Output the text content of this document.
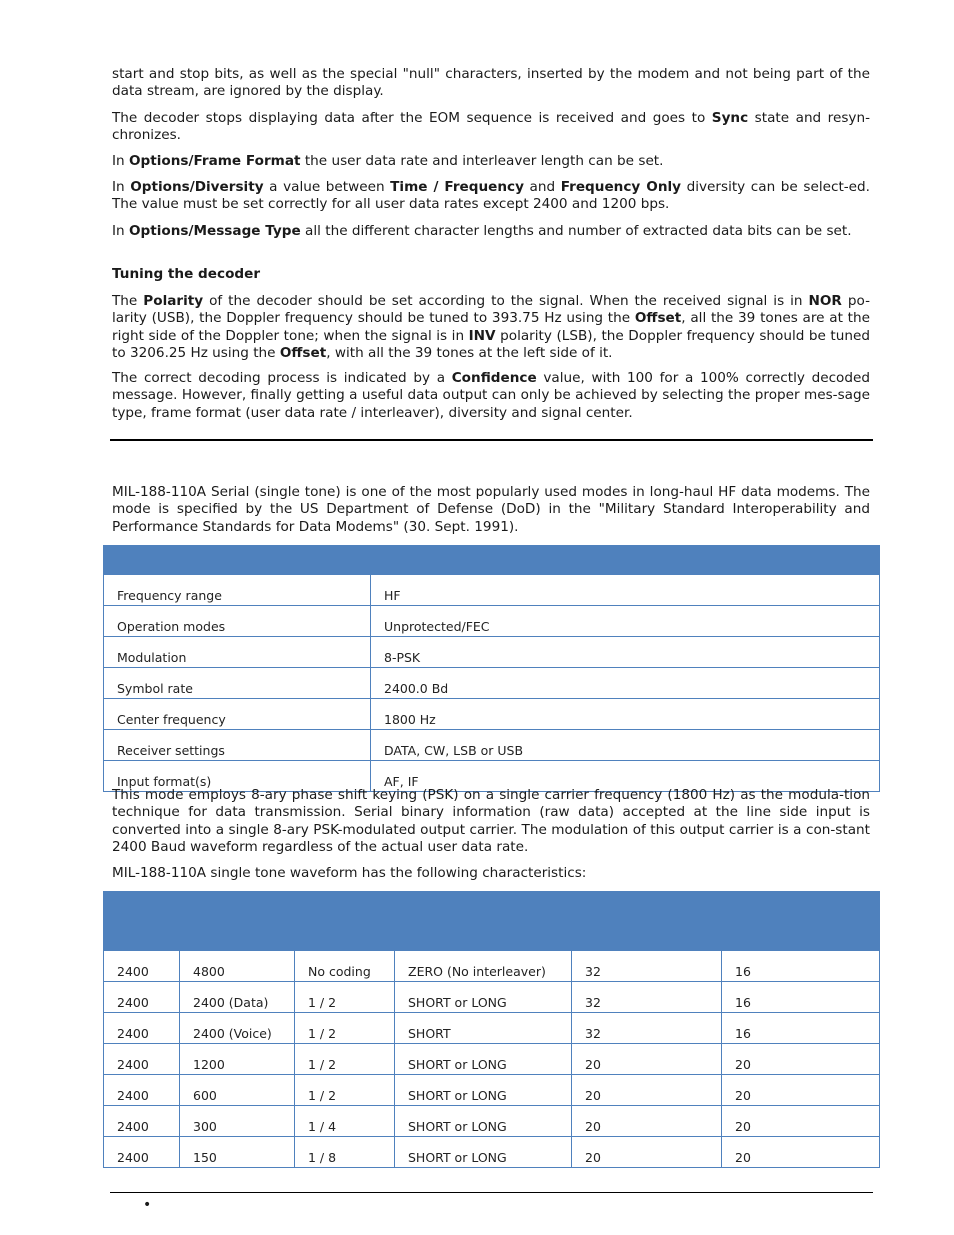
start and stop bits, as well as the special "null" characters, inserted by the modem and not being part of the data stream, are ignored by the display.

The decoder stops displaying data after the EOM sequence is received and goes to Sync state and resyn-chronizes.

In Options/Frame Format the user data rate and interleaver length can be set.

In Options/Diversity a value between Time / Frequency and Frequency Only diversity can be select-ed. The value must be set correctly for all user data rates except 2400 and 1200 bps.

In Options/Message Type all the different character lengths and number of extracted data bits can be set.

Tuning the decoder

The Polarity of the decoder should be set according to the signal. When the received signal is in NOR po-larity (USB), the Doppler frequency should be tuned to 393.75 Hz using the Offset, all the 39 tones are at the right side of the Doppler tone; when the signal is in INV polarity (LSB), the Doppler frequency should be tuned to 3206.25 Hz using the Offset, with all the 39 tones at the left side of it.

The correct decoding process is indicated by a Confidence value, with 100 for a 100% correctly decoded message. However, finally getting a useful data output can only be achieved by selecting the proper mes-sage type, frame format (user data rate / interleaver), diversity and signal center.

MIL-188-110A Serial (single tone) is one of the most popularly used modes in long-haul HF data modems. The mode is specified by the US Department of Defense (DoD) in the "Military Standard Interoperability and Performance Standards for Data Modems" (30. Sept. 1991).

Frequency range	HF
Operation modes	Unprotected/FEC
Modulation	8-PSK
Symbol rate	2400.0 Bd
Center frequency	1800 Hz
Receiver settings	DATA, CW, LSB or USB
Input format(s)	AF, IF

This mode employs 8-ary phase shift keying (PSK) on a single carrier frequency (1800 Hz) as the modula-tion technique for data transmission. Serial binary information (raw data) accepted at the line side input is converted into a single 8-ary PSK-modulated output carrier. The modulation of this output carrier is a con-stant 2400 Baud waveform regardless of the actual user data rate.

MIL-188-110A single tone waveform has the following characteristics:

2400	4800	No coding	ZERO (No interleaver)	32	16
2400	2400 (Data)	1 / 2	SHORT or LONG	32	16
2400	2400 (Voice)	1 / 2	SHORT	32	16
2400	1200	1 / 2	SHORT or LONG	20	20
2400	600	1 / 2	SHORT or LONG	20	20
2400	300	1 / 4	SHORT or LONG	20	20
2400	150	1 / 8	SHORT or LONG	20	20
•
